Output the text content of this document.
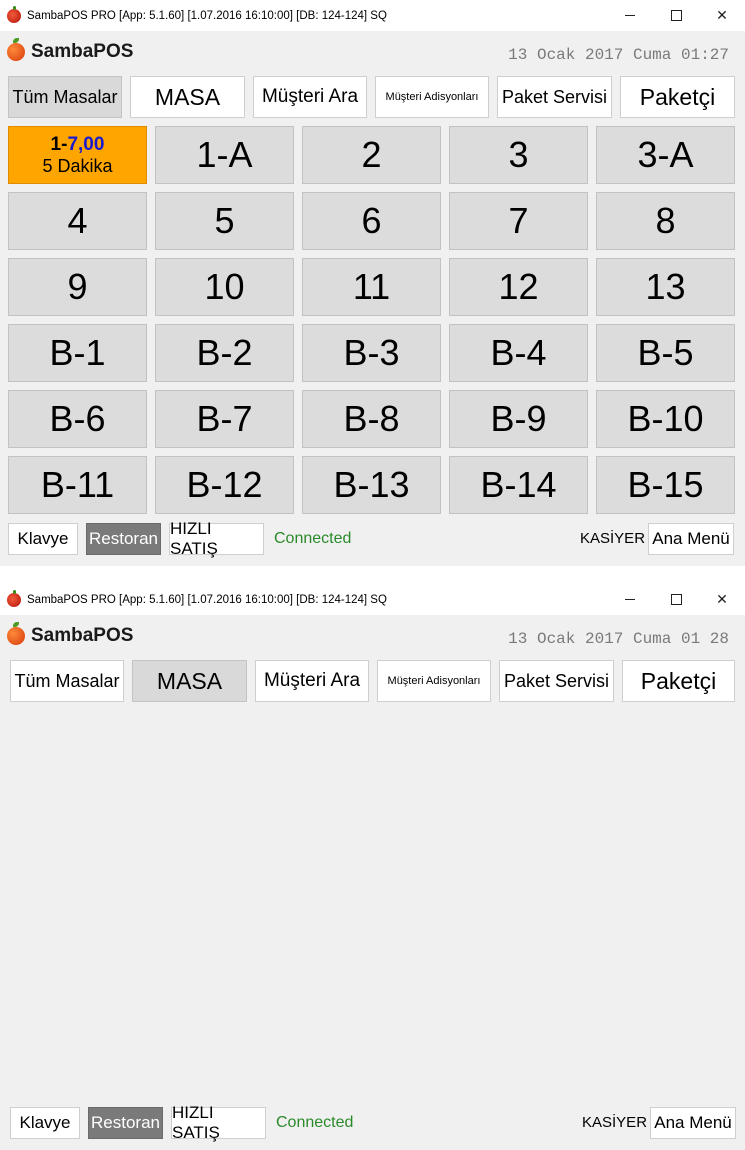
SambaPOS PRO [App: 5.1.60] [1.07.2016 16:10:00] [DB: 124-124] SQ	✕
SambaPOS	13 Ocak 2017 Cuma 01:27
Tüm Masalar	MASA	Müşteri Ara	Müşteri Adisyonları	Paket Servisi	Paketçi
1-7,00
5 Dakika	1-A	2	3	3-A
4	5	6	7	8
9	10	11	12	13
B-1	B-2	B-3	B-4	B-5
B-6	B-7	B-8	B-9	B-10
B-11	B-12	B-13	B-14	B-15
Klavye	Restoran
HIZLI SATIŞ
Connected	KASİYER Ana Menü
SambaPOS PRO [App: 5.1.60] [1.07.2016 16:10:00] [DB: 124-124] SQ	✕
SambaPOS	13 Ocak 2017 Cuma 01 28
Tüm Masalar	MASA	Müşteri Ara	Müşteri Adisyonları	Paket Servisi	Paketçi
Klavye	Restoran
HIZLI SATIŞ
Connected	KASİYER Ana Menü
